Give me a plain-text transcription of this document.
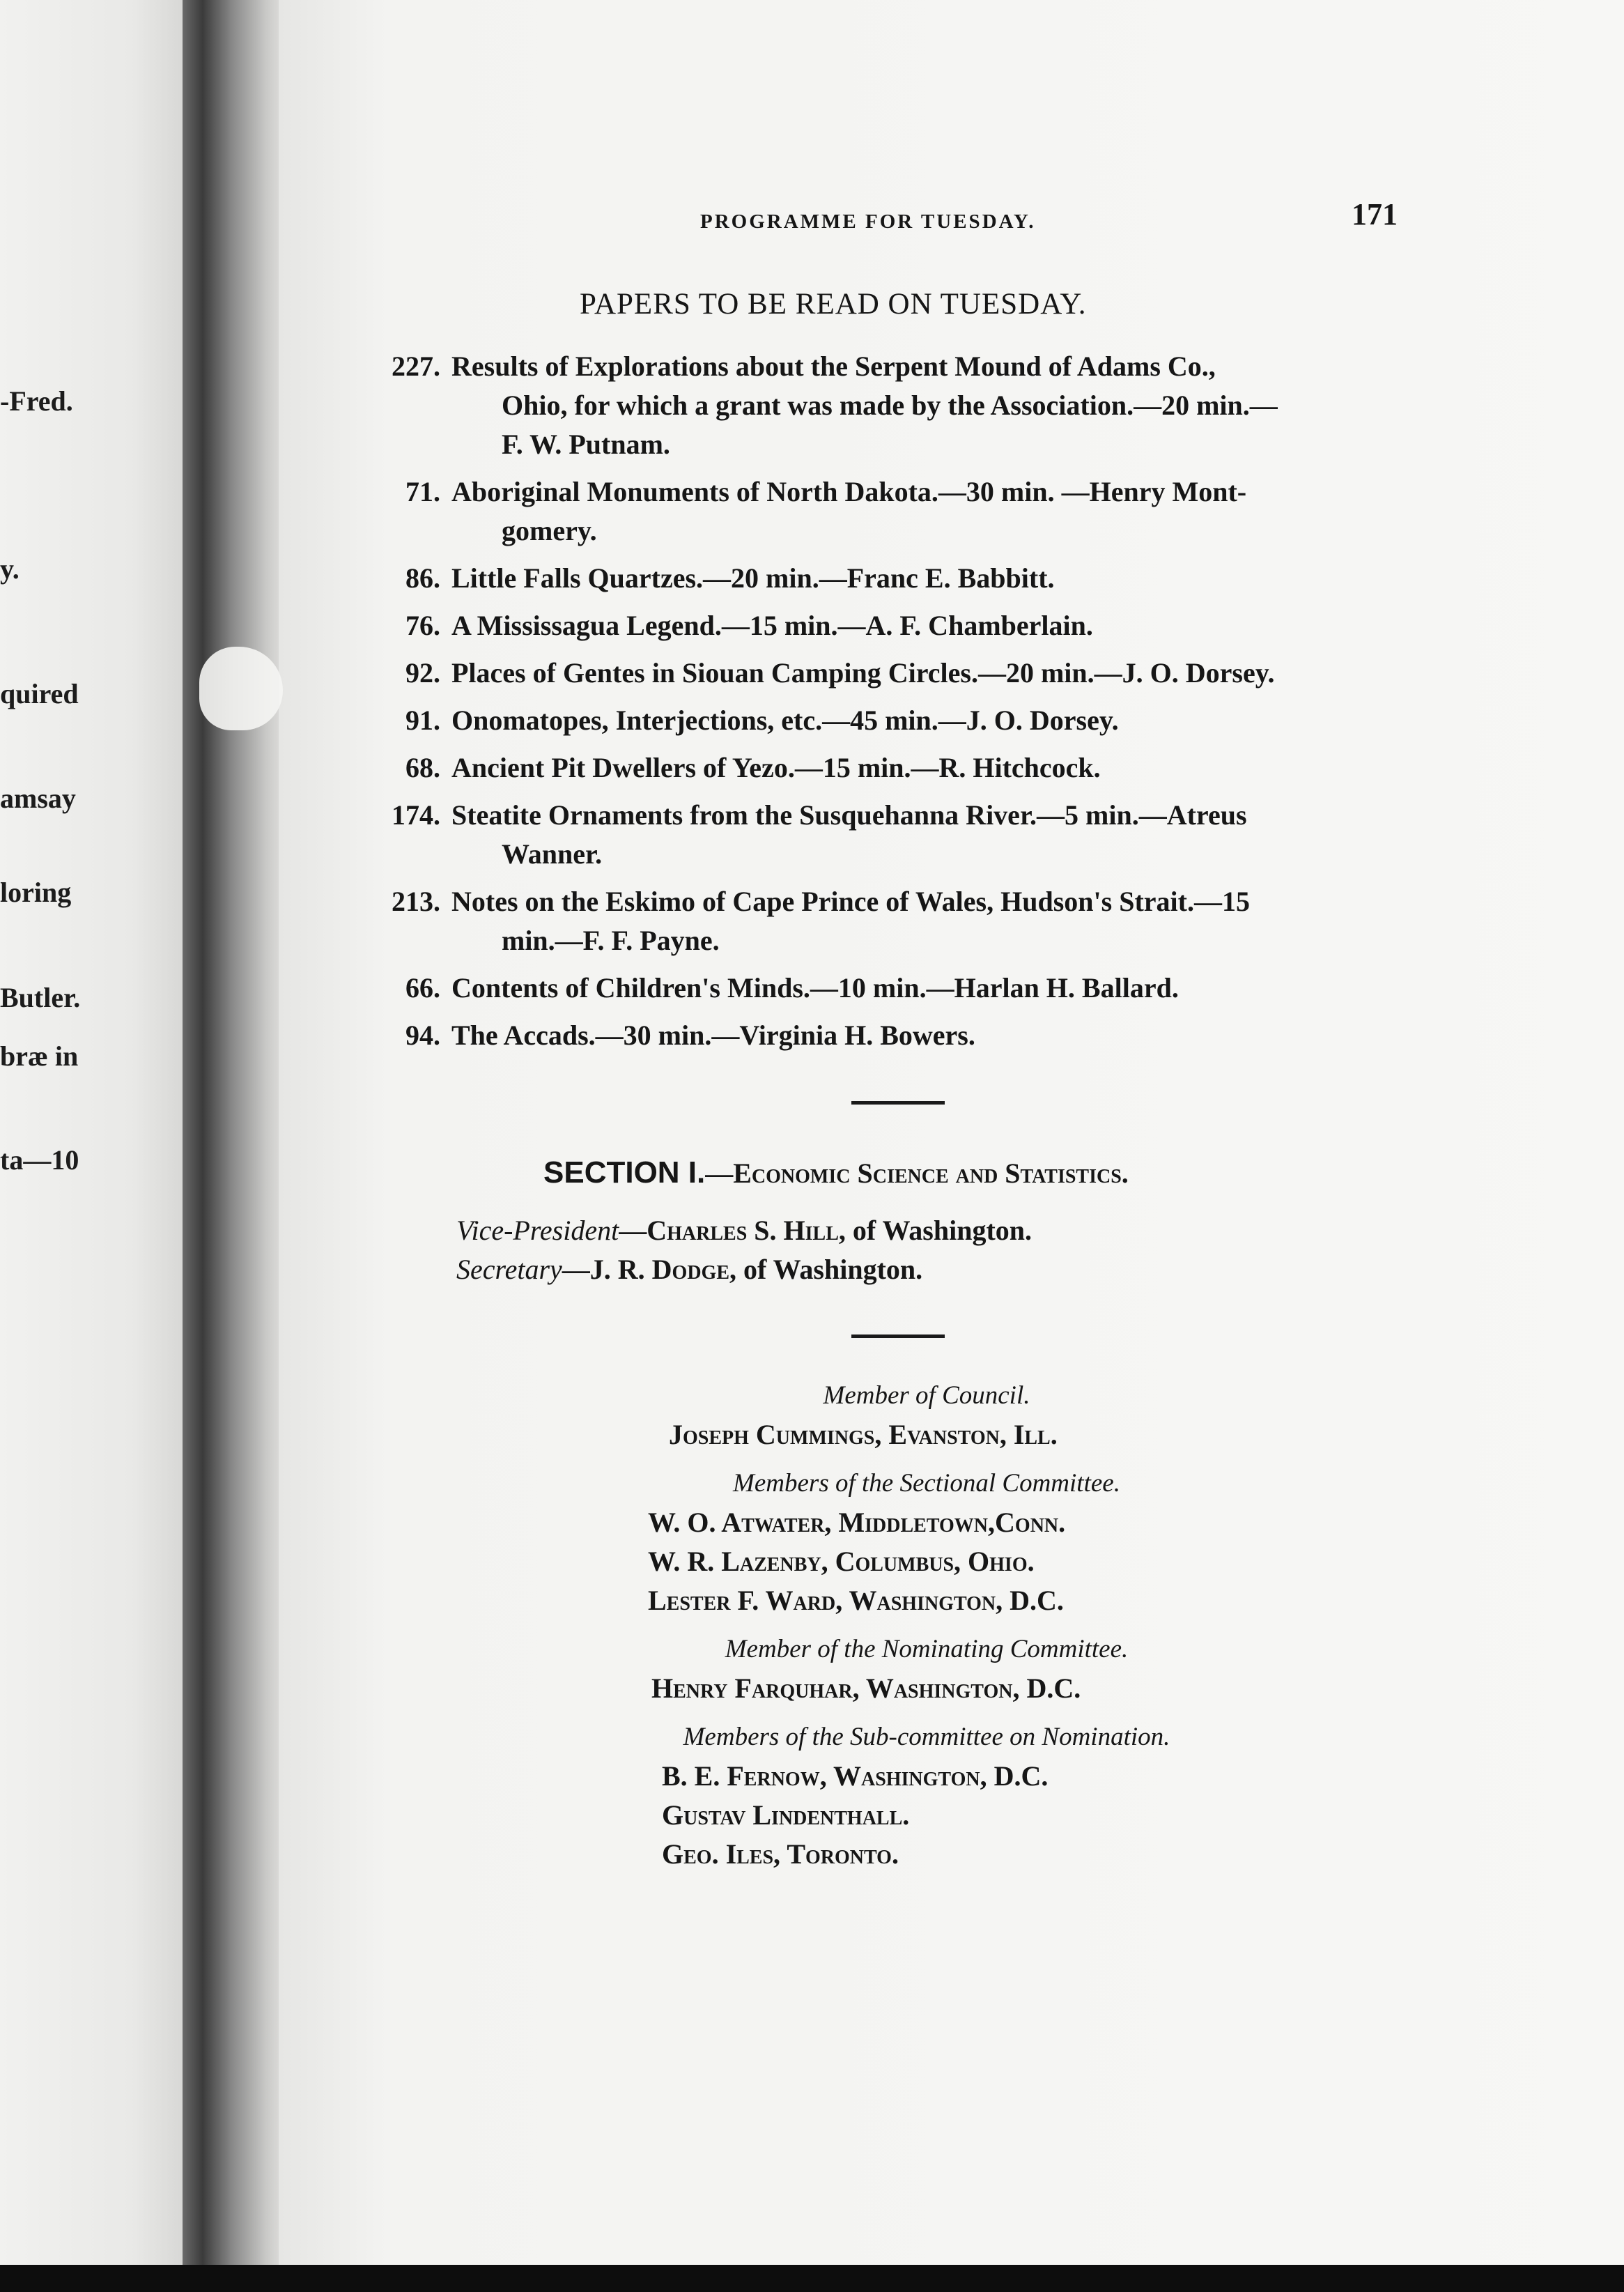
-Fred.
y.
quired
amsay
loring
Butler.
bræ in
ta—10
PROGRAMME FOR TUESDAY.	171
PAPERS TO BE READ ON TUESDAY.
227. Results of Explorations about the Serpent Mound of Adams Co.,
Ohio, for which a grant was made by the Association.—20 min.—
F. W. Putnam.
71. Aboriginal Monuments of North Dakota.—30 min. —Henry Mont-
gomery.
86. Little Falls Quartzes.—20 min.—Franc E. Babbitt.
76. A Mississagua Legend.—15 min.—A. F. Chamberlain.
92. Places of Gentes in Siouan Camping Circles.—20 min.—J. O. Dorsey.
91. Onomatopes, Interjections, etc.—45 min.—J. O. Dorsey.
68. Ancient Pit Dwellers of Yezo.—15 min.—R. Hitchcock.
174. Steatite Ornaments from the Susquehanna River.—5 min.—Atreus
Wanner.
213. Notes on the Eskimo of Cape Prince of Wales, Hudson's Strait.—15
min.—F. F. Payne.
66. Contents of Children's Minds.—10 min.—Harlan H. Ballard.
94. The Accads.—30 min.—Virginia H. Bowers.
SECTION I.—Economic Science and Statistics.
Vice-President—Charles S. Hill, of Washington.
Secretary—J. R. Dodge, of Washington.
Member of Council.
Joseph Cummings, Evanston, Ill.
Members of the Sectional Committee.
W. O. Atwater, Middletown,Conn.
W. R. Lazenby, Columbus, Ohio.
Lester F. Ward, Washington, D.C.
Member of the Nominating Committee.
Henry Farquhar, Washington, D.C.
Members of the Sub-committee on Nomination.
B. E. Fernow, Washington, D.C.
Gustav Lindenthall.
Geo. Iles, Toronto.
